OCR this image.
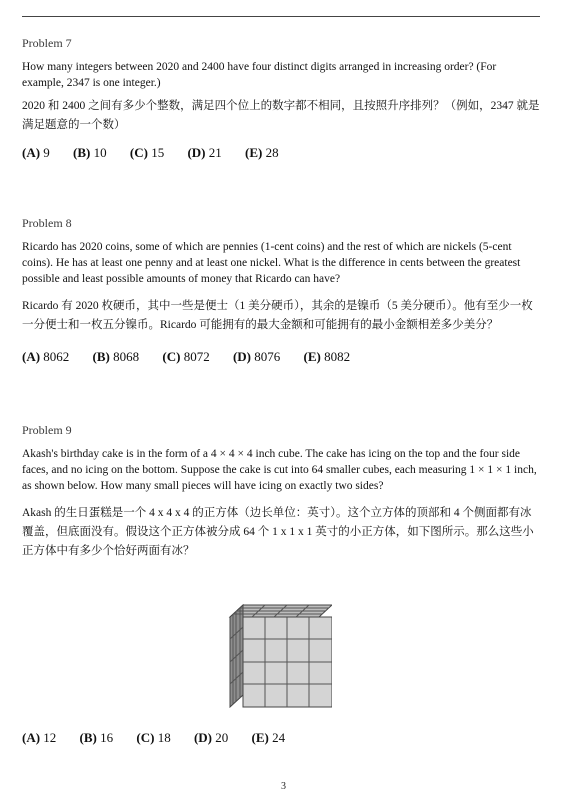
Problem 7

How many integers between 2020 and 2400 have four distinct digits arranged in increasing order? (For example, 2347 is one integer.)

2020 和 2400 之间有多少个整数，满足四个位上的数字都不相同，且按照升序排列？（例如，2347 就是满足题意的一个数）

(A) 9 (B) 10 (C) 15 (D) 21 (E) 28
Problem 8

Ricardo has 2020 coins, some of which are pennies (1-cent coins) and the rest of which are nickels (5-cent coins). He has at least one penny and at least one nickel. What is the difference in cents between the greatest possible and least possible amounts of money that Ricardo can have?

Ricardo 有 2020 枚硬币，其中一些是便士（1 美分硬币），其余的是镍币（5 美分硬币）。他有至少一枚一分便士和一枚五分镍币。Ricardo 可能拥有的最大金额和可能拥有的最小金额相差多少美分？

(A) 8062 (B) 8068 (C) 8072 (D) 8076 (E) 8082
Problem 9

Akash's birthday cake is in the form of a 4 × 4 × 4 inch cube. The cake has icing on the top and the four side faces, and no icing on the bottom. Suppose the cake is cut into 64 smaller cubes, each measuring 1 × 1 × 1 inch, as shown below. How many small pieces will have icing on exactly two sides?

Akash 的生日蛋糕是一个 4 x 4 x 4 的正方体（边长单位：英寸）。这个立方体的顶部和 4 个侧面都有冰覆盖，但底面没有。假设这个正方体被分成 64 个 1 x 1 x 1 英寸的小正方体，如下图所示。那么这些小正方体中有多少个恰好两面有冰？

(A) 12 (B) 16 (C) 18 (D) 20 (E) 24
3
